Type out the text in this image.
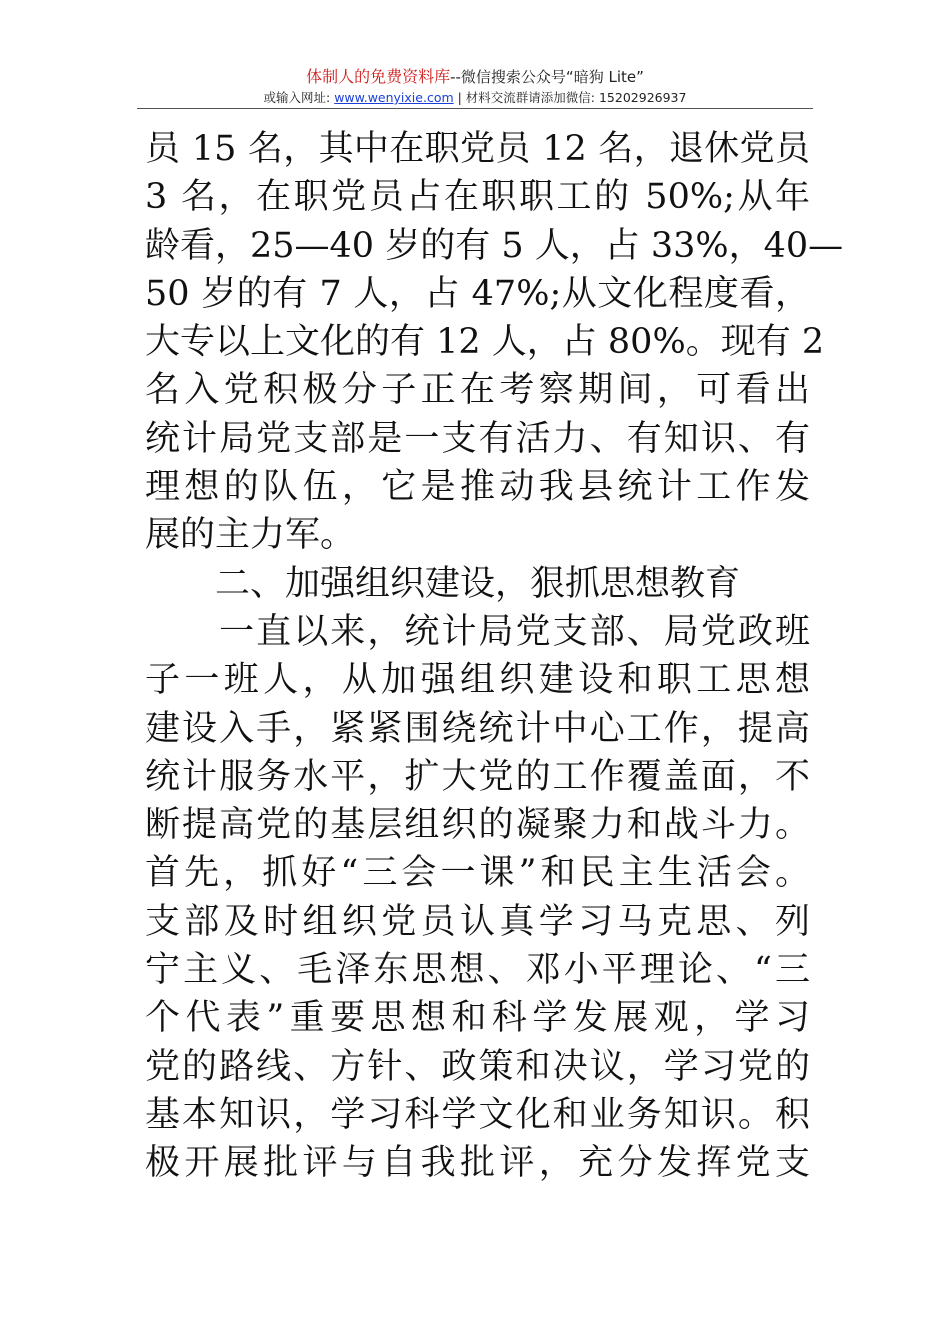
体制人的免费资料库--微信搜索公众号“暗狗 Lite”
或输入网址: www.wenyixie.com | 材料交流群请添加微信: 15202926937
员 15 名，其中在职党员 12 名，退休党员
3 名，在职党员占在职职工的 50%;从年
龄看，25—40 岁的有 5 人，占 33%，40—
50 岁的有 7 人，占 47%;从文化程度看，
大专以上文化的有 12 人，占 80%。现有 2
名入党积极分子正在考察期间，可看出
统计局党支部是一支有活力、有知识、有
理想的队伍，它是推动我县统计工作发
展的主力军。
　　二、加强组织建设，狠抓思想教育
　　一直以来，统计局党支部、局党政班
子一班人，从加强组织建设和职工思想
建设入手，紧紧围绕统计中心工作，提高
统计服务水平，扩大党的工作覆盖面，不
断提高党的基层组织的凝聚力和战斗力。
首先，抓好“三会一课”和民主生活会。
支部及时组织党员认真学习马克思、列
宁主义、毛泽东思想、邓小平理论、“三
个代表”重要思想和科学发展观，学习
党的路线、方针、政策和决议，学习党的
基本知识，学习科学文化和业务知识。积
极开展批评与自我批评，充分发挥党支
